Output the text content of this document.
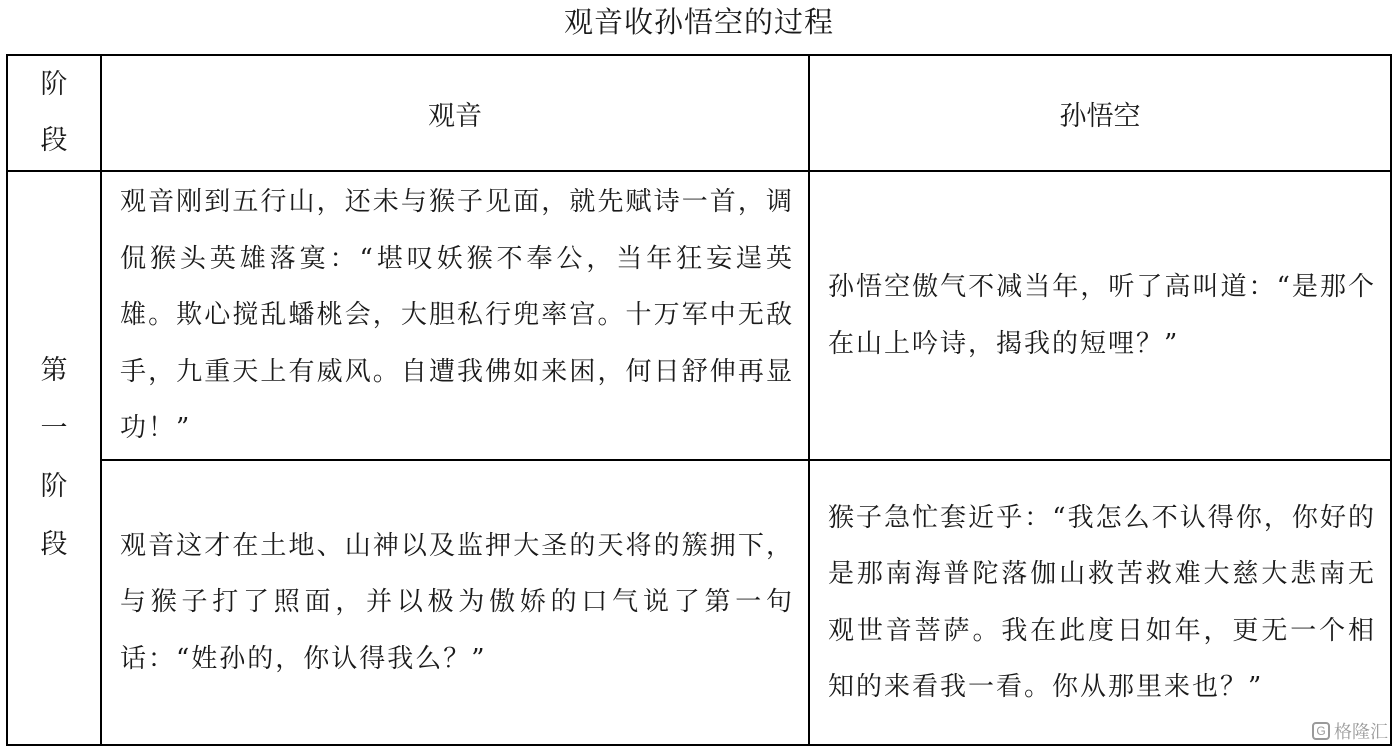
观音收孙悟空的过程
阶
段	观音	孙悟空

第
一
阶
段	观音刚到五行山，还未与猴子见面，就先赋诗一首，调侃猴头英雄落寞：“堪叹妖猴不奉公，当年狂妄逞英雄。欺心搅乱蟠桃会，大胆私行兜率宫。十万军中无敌手，九重天上有威风。自遭我佛如来困，何日舒伸再显功！”	孙悟空傲气不减当年，听了高叫道：“是那个在山上吟诗，揭我的短哩？”
	观音这才在土地、山神以及监押大圣的天将的簇拥下，与猴子打了照面，并以极为傲娇的口气说了第一句话：“姓孙的，你认得我么？”	猴子急忙套近乎：“我怎么不认得你，你好的是那南海普陀落伽山救苦救难大慈大悲南无观世音菩萨。我在此度日如年，更无一个相知的来看我一看。你从那里来也？”
G 格隆汇
